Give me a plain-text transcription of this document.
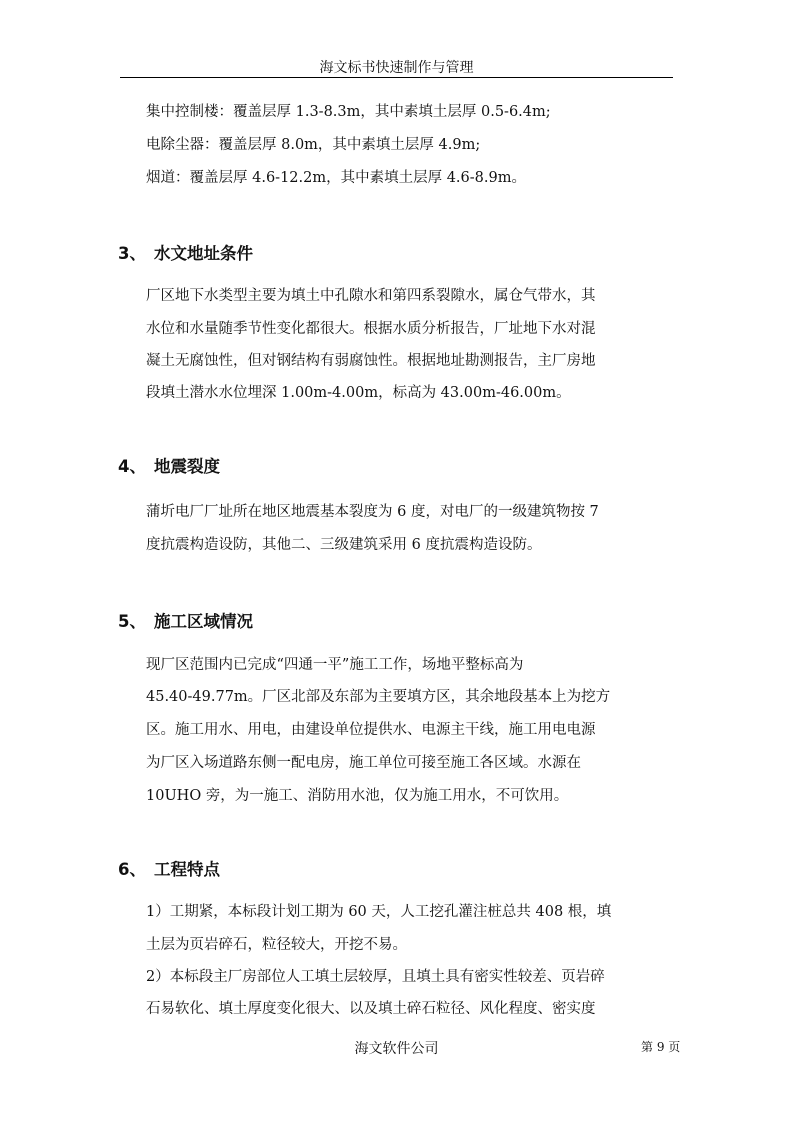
海文标书快速制作与管理
集中控制楼：覆盖层厚 1.3-8.3m，其中素填土层厚 0.5-6.4m;
电除尘器：覆盖层厚 8.0m，其中素填土层厚 4.9m;
烟道：覆盖层厚 4.6-12.2m，其中素填土层厚 4.6-8.9m。
3、 水文地址条件
厂区地下水类型主要为填土中孔隙水和第四系裂隙水，属仓气带水，其
水位和水量随季节性变化都很大。根据水质分析报告，厂址地下水对混
凝土无腐蚀性，但对钢结构有弱腐蚀性。根据地址勘测报告，主厂房地
段填土潜水水位埋深 1.00m-4.00m，标高为 43.00m-46.00m。
4、 地震裂度
蒲圻电厂厂址所在地区地震基本裂度为 6 度，对电厂的一级建筑物按 7
度抗震构造设防，其他二、三级建筑采用 6 度抗震构造设防。
5、 施工区域情况
现厂区范围内已完成“四通一平”施工工作，场地平整标高为
45.40-49.77m。厂区北部及东部为主要填方区，其余地段基本上为挖方
区。施工用水、用电，由建设单位提供水、电源主干线，施工用电电源
为厂区入场道路东侧一配电房，施工单位可接至施工各区域。水源在
10UHO 旁，为一施工、消防用水池，仅为施工用水，不可饮用。
6、 工程特点
1）工期紧，本标段计划工期为 60 天，人工挖孔灌注桩总共 408 根，填
土层为页岩碎石，粒径较大，开挖不易。
2）本标段主厂房部位人工填土层较厚，且填土具有密实性较差、页岩碎
石易软化、填土厚度变化很大、以及填土碎石粒径、风化程度、密实度
海文软件公司	第 9 页
